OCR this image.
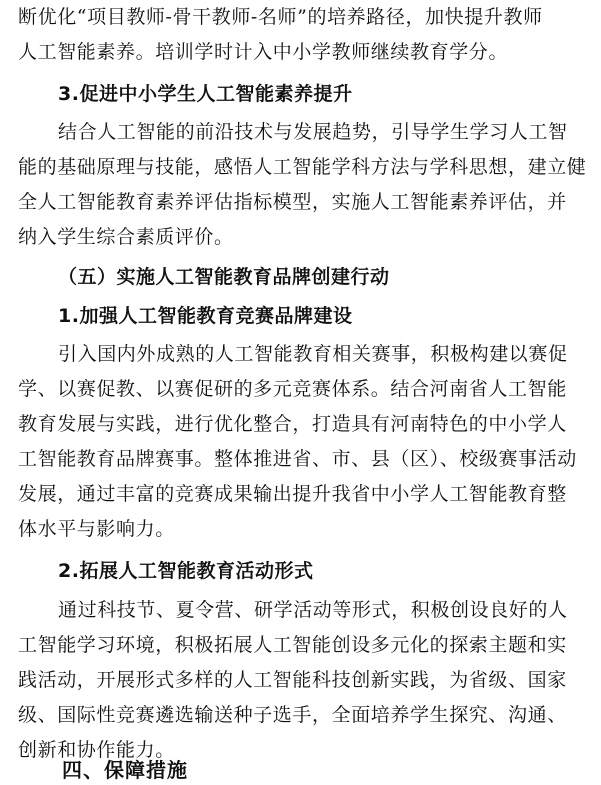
断优化“项目教师-骨干教师-名师”的培养路径，加快提升教师
人工智能素养。培训学时计入中小学教师继续教育学分。
3.促进中小学生人工智能素养提升
结合人工智能的前沿技术与发展趋势，引导学生学习人工智
能的基础原理与技能，感悟人工智能学科方法与学科思想，建立健
全人工智能教育素养评估指标模型，实施人工智能素养评估，并
纳入学生综合素质评价。
（五）实施人工智能教育品牌创建行动
1.加强人工智能教育竞赛品牌建设
引入国内外成熟的人工智能教育相关赛事，积极构建以赛促
学、以赛促教、以赛促研的多元竞赛体系。结合河南省人工智能
教育发展与实践，进行优化整合，打造具有河南特色的中小学人
工智能教育品牌赛事。整体推进省、市、县（区）、校级赛事活动
发展，通过丰富的竞赛成果输出提升我省中小学人工智能教育整
体水平与影响力。
2.拓展人工智能教育活动形式
通过科技节、夏令营、研学活动等形式，积极创设良好的人
工智能学习环境，积极拓展人工智能创设多元化的探索主题和实
践活动，开展形式多样的人工智能科技创新实践，为省级、国家
级、国际性竞赛遴选输送种子选手，全面培养学生探究、沟通、
创新和协作能力。
四、保障措施
